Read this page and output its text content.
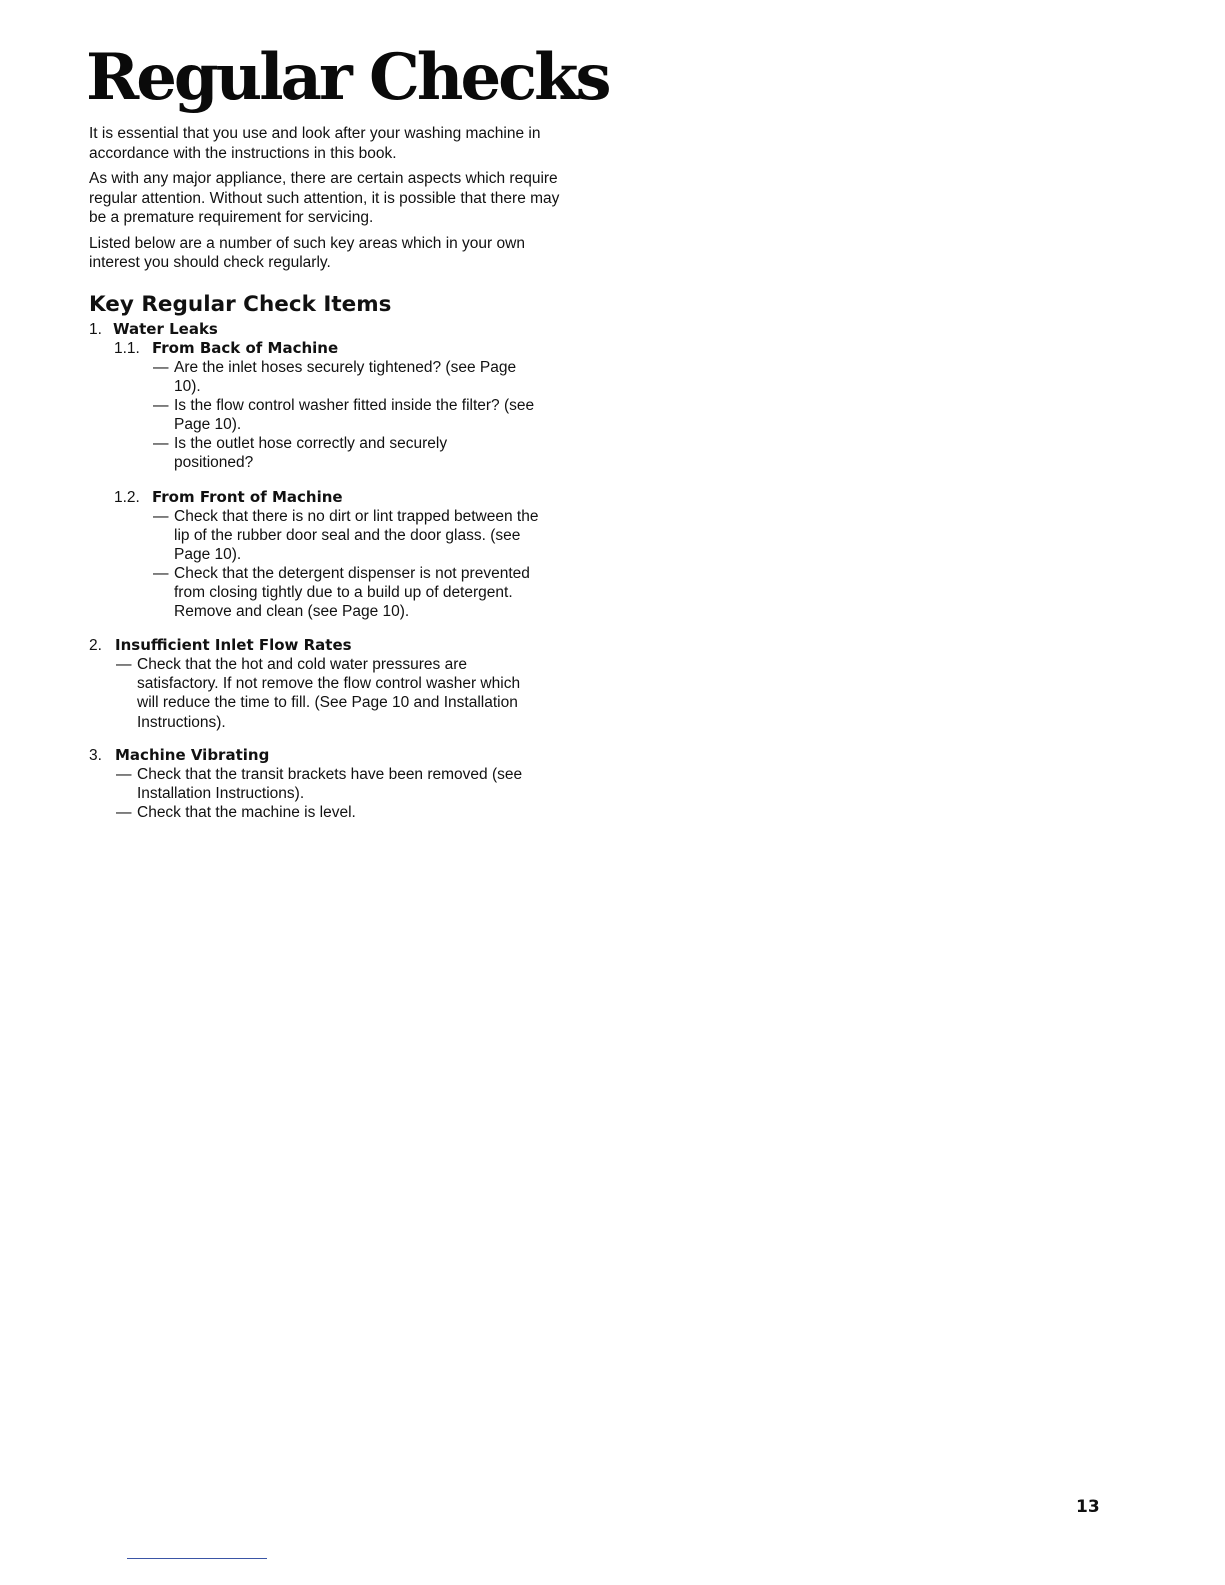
Regular Checks

It is essential that you use and look after your washing machine in accordance with the instructions in this book.

As with any major appliance, there are certain aspects which require regular attention. Without such attention, it is possible that there may be a premature requirement for servicing.

Listed below are a number of such key areas which in your own interest you should check regularly.

Key Regular Check Items
1. Water Leaks
1.1. From Back of Machine
— Are the inlet hoses securely tightened? (see Page 10).
— Is the flow control washer fitted inside the filter? (see Page 10).
— Is the outlet hose correctly and securely positioned?
1.2. From Front of Machine
— Check that there is no dirt or lint trapped between the lip of the rubber door seal and the door glass. (see Page 10).
— Check that the detergent dispenser is not prevented from closing tightly due to a build up of detergent. Remove and clean (see Page 10).
2. Insufficient Inlet Flow Rates
— Check that the hot and cold water pressures are satisfactory. If not remove the flow control washer which will reduce the time to fill. (See Page 10 and Installation Instructions).
3. Machine Vibrating
— Check that the transit brackets have been removed (see Installation Instructions).
— Check that the machine is level.
13
